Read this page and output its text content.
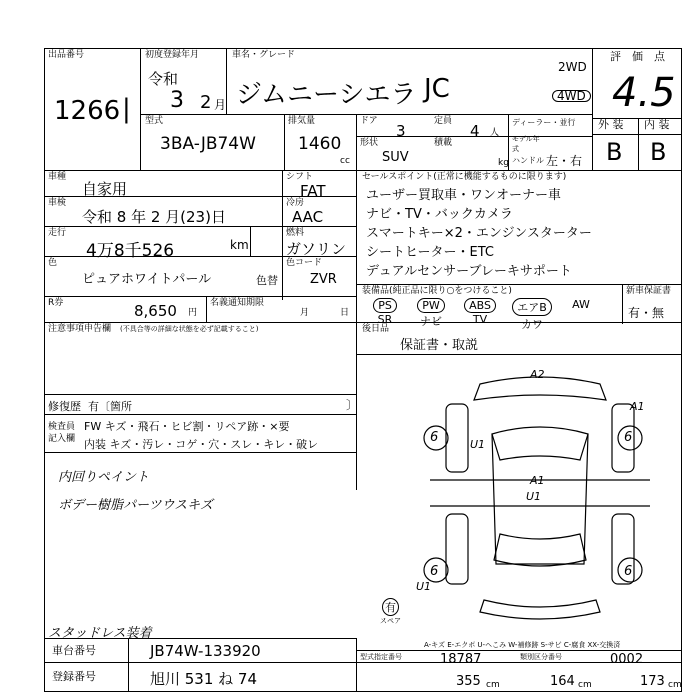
出品番号
1266 |
初度登録年月
令和
3 2 月
車名・グレード
ジムニーシエラ JC
2WD
4WD
評　価　点
4.5
外 装 内 装
B B
型式
3BA-JB74W
排気量
1460
cc
ドア
3
定員
4 人
ディーラー・並行
モデル年式
形状
SUV
積載
kg ハンドル 左・右
車種
自家用
シフト
FAT
車検
令和 8 年 2 月(23)日
冷房
AAC
走行
4万8千526	km
燃料
ガソリン
色
ピュアホワイトパール	色替
色コード
ZVR
R券	8,650 円
名義通知期限
月	日
セールスポイント(正常に機能するものに限ります)
ユーザー買取車・ワンオーナー車
ナビ・TV・バックカメラ
スマートキー×2・エンジンスターター
シートヒーター・ETC
デュアルセンサーブレーキサポート
装備品(純正品に限り○をつけること)
PS
SR
PW
ナビ
ABS
TV
エアB
カワ
AW
新車保証書
有・無
注意事項申告欄 (不具合等の詳細な状態を必ず記載すること)	後日品
保証書・取説
修復歴 有〔箇所	〕
検査員
記入欄
FW キズ・飛石・ヒビ割・リペア跡・×要
内装 キズ・汚レ・コゲ・穴・スレ・キレ・破レ
内回りペイント
ボデー樹脂パーツウスキズ
スタッドレス装着
A2
A1
6	U1	6
A1
U1
U1
6	6
有
スペア
A-キズ E-エクボ U-ヘこみ W-補修跡 S-サビ C-腐食 XX-交換済
車台番号	JB74W-133920
登録番号	旭川 531 ね 74
型式指定番号	18787	類別区分番号	0002
355 cm	164 cm	173 cm
